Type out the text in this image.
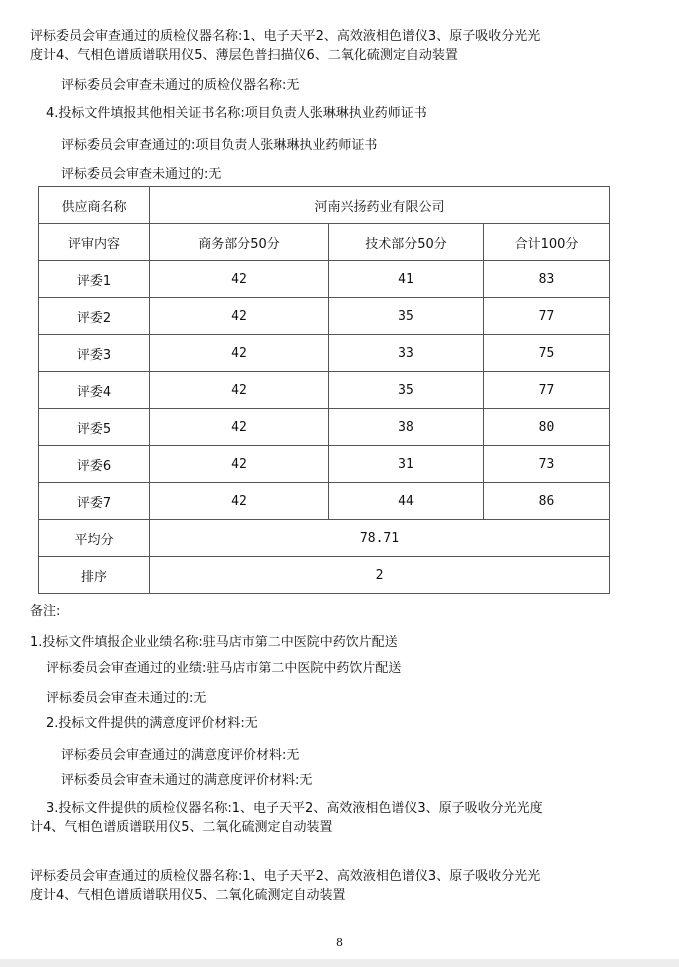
评标委员会审查通过的质检仪器名称:1、电子天平2、高效液相色谱仪3、原子吸收分光光
度计4、气相色谱质谱联用仪5、薄层色普扫描仪6、二氧化硫测定自动装置
评标委员会审查未通过的质检仪器名称:无
4.投标文件填报其他相关证书名称:项目负责人张琳琳执业药师证书
评标委员会审查通过的:项目负责人张琳琳执业药师证书
评标委员会审查未通过的:无
供应商名称	河南兴扬药业有限公司		
评审内容	商务部分50分	技术部分50分	合计100分
评委1	42	41	83
评委2	42	35	77
评委3	42	33	75
评委4	42	35	77
评委5	42	38	80
评委6	42	31	73
评委7	42	44	86
平均分	78.71		
排序	2		
备注:
1.投标文件填报企业业绩名称:驻马店市第二中医院中药饮片配送
评标委员会审查通过的业绩:驻马店市第二中医院中药饮片配送
评标委员会审查未通过的:无
2.投标文件提供的满意度评价材料:无
评标委员会审查通过的满意度评价材料:无
评标委员会审查未通过的满意度评价材料:无
3.投标文件提供的质检仪器名称:1、电子天平2、高效液相色谱仪3、原子吸收分光光度
计4、气相色谱质谱联用仪5、二氧化硫测定自动装置
评标委员会审查通过的质检仪器名称:1、电子天平2、高效液相色谱仪3、原子吸收分光光
度计4、气相色谱质谱联用仪5、二氧化硫测定自动装置
8
